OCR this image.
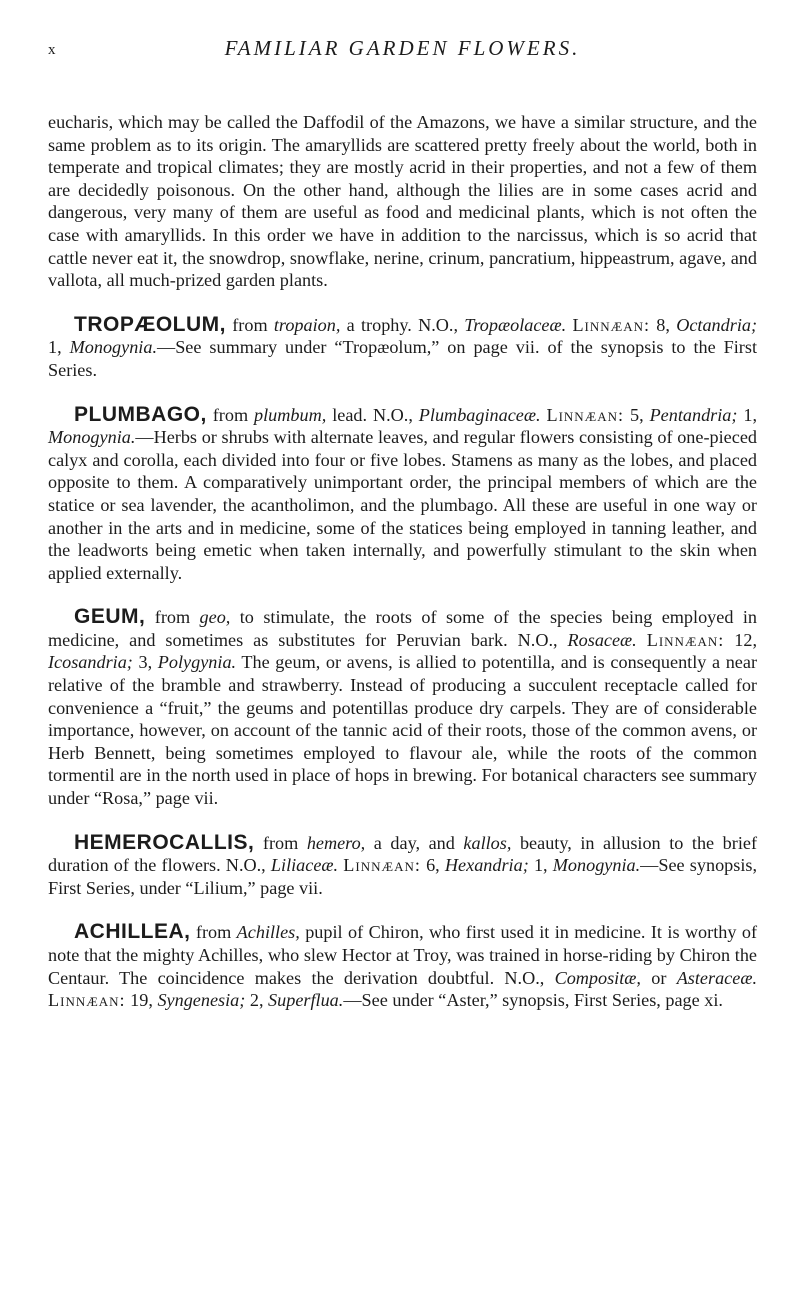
x	FAMILIAR GARDEN FLOWERS.

eucharis, which may be called the Daffodil of the Amazons, we have a similar structure, and the same problem as to its origin. The amaryllids are scattered pretty freely about the world, both in temperate and tropical climates; they are mostly acrid in their properties, and not a few of them are decidedly poisonous. On the other hand, although the lilies are in some cases acrid and dangerous, very many of them are useful as food and medicinal plants, which is not often the case with amaryllids. In this order we have in addition to the narcissus, which is so acrid that cattle never eat it, the snowdrop, snowflake, nerine, crinum, pancratium, hippeastrum, agave, and vallota, all much-prized garden plants.

TROPÆOLUM, from tropaion, a trophy. N.O., Tropæolaceæ. Linnæan: 8, Octandria; 1, Monogynia.—See summary under “Tropæolum,” on page vii. of the synopsis to the First Series.

PLUMBAGO, from plumbum, lead. N.O., Plumbaginaceæ. Linnæan: 5, Pentandria; 1, Monogynia.—Herbs or shrubs with alternate leaves, and regular flowers consisting of one-pieced calyx and corolla, each divided into four or five lobes. Stamens as many as the lobes, and placed opposite to them. A comparatively unimportant order, the principal members of which are the statice or sea lavender, the acantholimon, and the plumbago. All these are useful in one way or another in the arts and in medicine, some of the statices being employed in tanning leather, and the leadworts being emetic when taken internally, and powerfully stimulant to the skin when applied externally.

GEUM, from geo, to stimulate, the roots of some of the species being employed in medicine, and sometimes as substitutes for Peruvian bark. N.O., Rosaceæ. Linnæan: 12, Icosandria; 3, Polygynia. The geum, or avens, is allied to potentilla, and is consequently a near relative of the bramble and strawberry. Instead of producing a succulent receptacle called for convenience a “fruit,” the geums and potentillas produce dry carpels. They are of considerable importance, however, on account of the tannic acid of their roots, those of the common avens, or Herb Bennett, being sometimes employed to flavour ale, while the roots of the common tormentil are in the north used in place of hops in brewing. For botanical characters see summary under “Rosa,” page vii.

HEMEROCALLIS, from hemero, a day, and kallos, beauty, in allusion to the brief duration of the flowers. N.O., Liliaceæ. Linnæan: 6, Hexandria; 1, Monogynia.—See synopsis, First Series, under “Lilium,” page vii.

ACHILLEA, from Achilles, pupil of Chiron, who first used it in medicine. It is worthy of note that the mighty Achilles, who slew Hector at Troy, was trained in horse-riding by Chiron the Centaur. The coincidence makes the derivation doubtful. N.O., Compositæ, or Asteraceæ. Linnæan: 19, Syngenesia; 2, Superflua.—See under “Aster,” synopsis, First Series, page xi.
